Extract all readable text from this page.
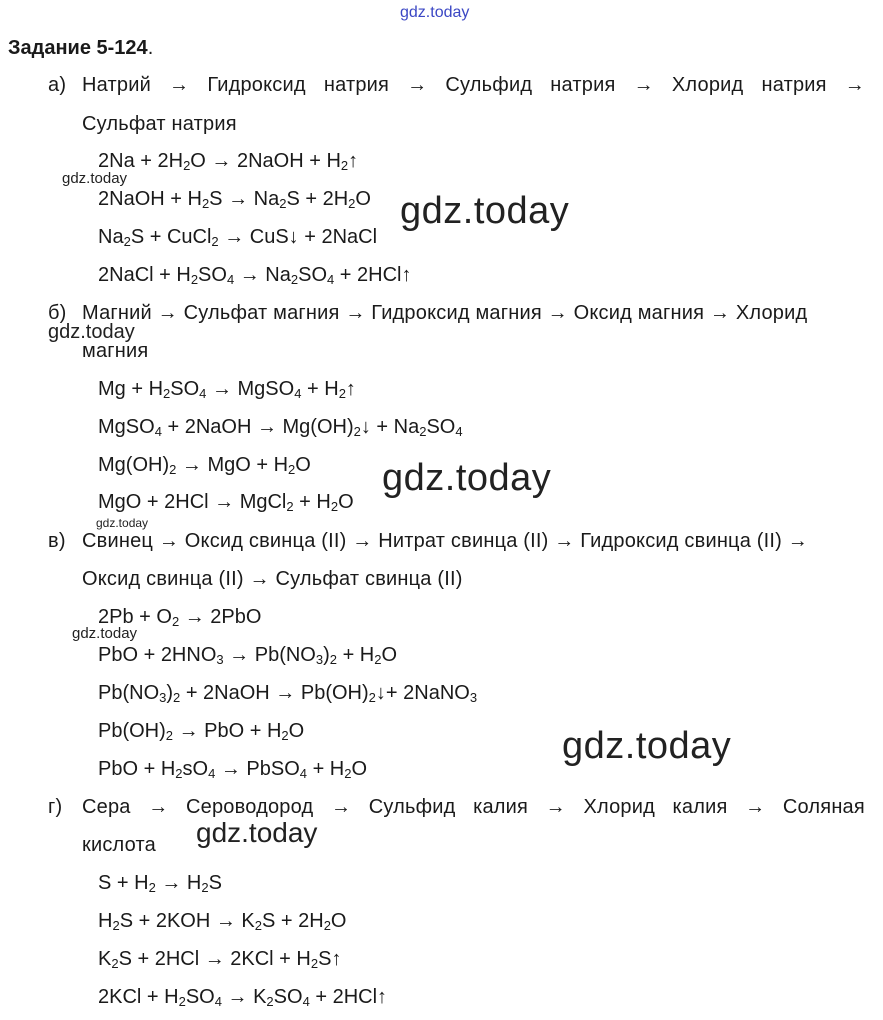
gdz.today
Задание 5-124.
а) Натрий → Гидроксид натрия → Сульфид натрия → Хлорид натрия →
Сульфат натрия
$2Na + 2H_2O$ → 2NaOH + $H_2↑$
gdz.today
2NaOH + $H_2S \to Na_2S + 2H_2O$ gdz.today
$Na_2S$ + CuCl$_2$ → CuS↓ + 2NaCl
2NaCl + $H_2SO_4 \to Na_2SO_4$ + 2HCl↑
б) Магний → Сульфат магния → Гидроксид магния → Оксид магния → Хлорид
gdz.today
магния
$Mg + H_2SO_4$ → MgSO$_4$ + $H_2↑$
MgSO$_4$ + 2NaOH → $Mg(OH)_2↓ + Na_2SO_4$
$Mg(OH)_2$ → MgO + $H_2O$ gdz.today
MgO + 2HCl → MgCl$_2$ + $H_2O$
gdz.today
в) Свинец → Оксид свинца (II) → Нитрат свинца (II) → Гидроксид свинца (II) →
Оксид свинца (II) → Сульфат свинца (II)
$2Pb + O_2 \to 2PbO$
gdz.today
PbO + $2HNO_3 \to Pb(NO_3)_2 + H_2O$
$Pb(NO_3)_2$ + 2NaOH → $Pb(OH)_2↓+$ 2NaNO$_3$
$Pb(OH)_2$ → PbO + $H_2O$	gdz.today
PbO + $H_2sO_4$ → PbSO$_4$ + $H_2O$
г) Сера → Сероводород → Сульфид калия → Хлорид калия → Соляная
gdz.today
кислота
$S + H_2 \to H_2S$
$H_2S + 2KOH \to K_2S + 2H_2O$
$K_2S + 2HCl \to 2KCl$ + $H_2S↑$
$2KCl + H_2SO_4 \to K_2SO_4$ + 2HCl↑
